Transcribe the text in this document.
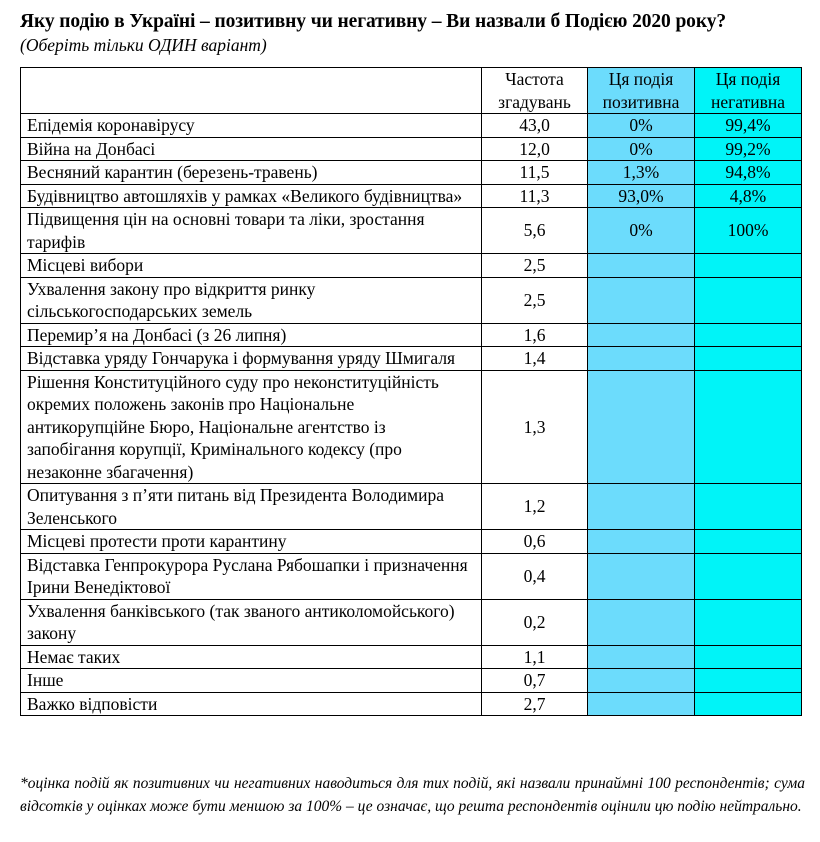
Яку подію в Україні – позитивну чи негативну – Ви назвали б Подією 2020 року?
(Оберіть тільки ОДИН варіант)
	Частота згадувань	Ця подія позитивна	Ця подія негативна
Епідемія коронавірусу	43,0	0%	99,4%
Війна на Донбасі	12,0	0%	99,2%
Весняний карантин (березень-травень)	11,5	1,3%	94,8%
Будівництво автошляхів у рамках «Великого будівництва»	11,3	93,0%	4,8%
Підвищення цін на основні товари та ліки, зростання тарифів	5,6	0%	100%
Місцеві вибори	2,5		
Ухвалення закону про відкриття ринку сільськогосподарських земель	2,5		
Перемир’я на Донбасі (з 26 липня)	1,6		
Відставка уряду Гончарука і формування уряду Шмигаля	1,4		
Рішення Конституційного суду про неконституційність окремих положень законів про Національне антикорупційне Бюро, Національне агентство із запобігання корупції, Кримінального кодексу (про незаконне збагачення)	1,3		
Опитування з п’яти питань від Президента Володимира Зеленського	1,2		
Місцеві протести проти карантину	0,6		
Відставка Генпрокурора Руслана Рябошапки і призначення Ірини Венедіктової	0,4		
Ухвалення банківського (так званого антиколомойського) закону	0,2		
Немає таких	1,1		
Інше	0,7		
Важко відповісти	2,7		
*оцінка подій як позитивних чи негативних наводиться для тих подій, які назвали принаймні 100 респондентів; сума відсотків у оцінках може бути меншою за 100% – це означає, що решта респондентів оцінили цю подію нейтрально.
